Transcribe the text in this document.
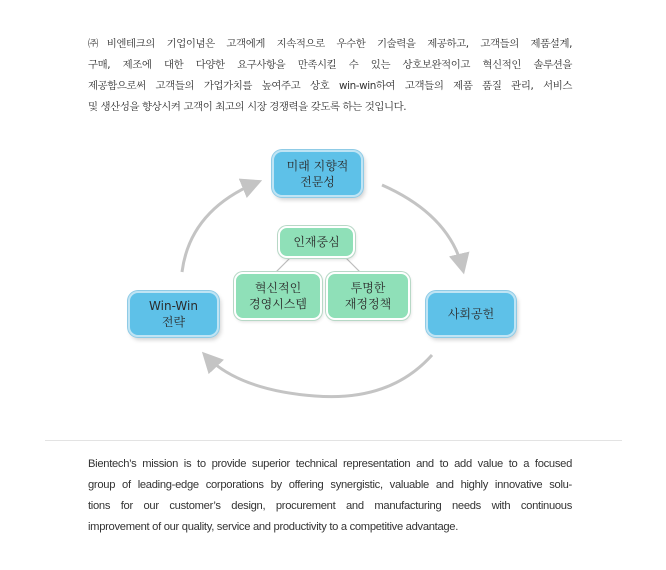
㈜비엔테크의 기업이념은 고객에게 지속적으로 우수한 기술력을 제공하고, 고객들의 제품설계,
구매, 제조에 대한 다양한 요구사항을 만족시킬 수 있는 상호보완적이고 혁신적인 솔루션을
제공함으로써 고객들의 가업가치를 높여주고 상호 win-win하여 고객들의 제품 품질 관리, 서비스
및 생산성을 향상시켜 고객이 최고의 시장 경쟁력을 갖도록 하는 것입니다.
미래 지향적
전문성
사회공헌
Win-Win
전략
인재중심
혁신적인
경영시스템
투명한
재정정책
Bientech’s mission is to provide superior technical representation and to add value to a focused
group of leading-edge corporations by offering synergistic, valuable and highly innovative solu-
tions for our customer’s design, procurement and manufacturing needs with continuous
improvement of our quality, service and productivity to a competitive advantage.
